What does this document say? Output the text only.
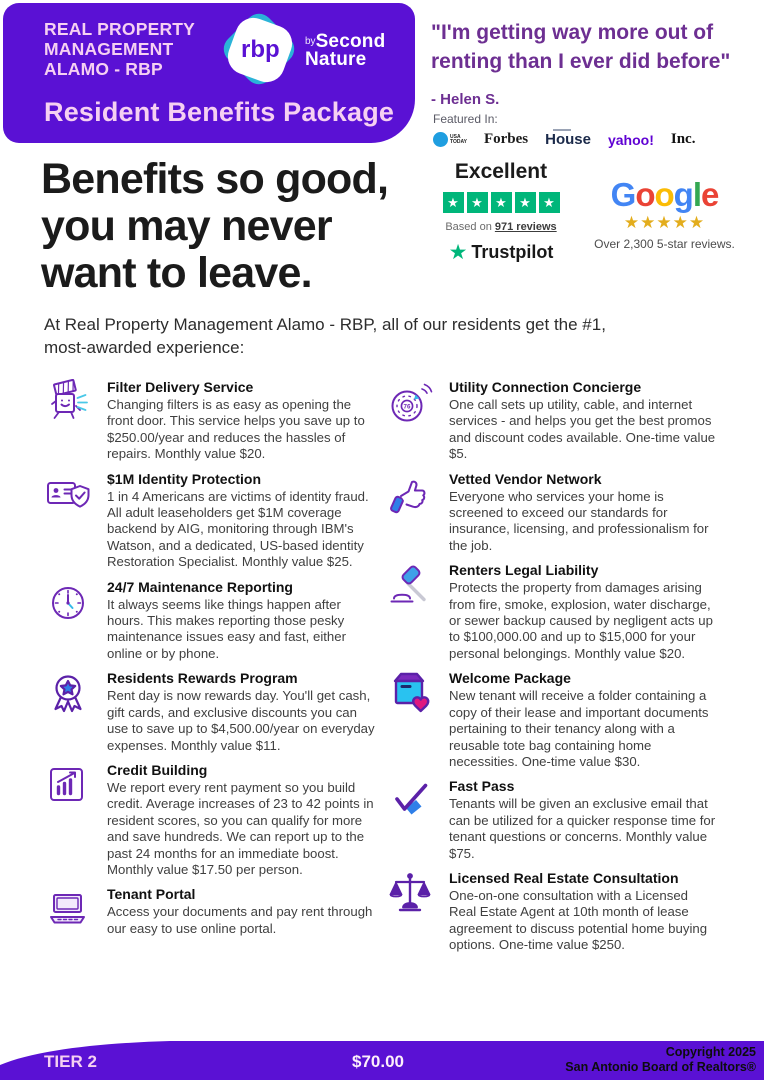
REAL PROPERTY
MANAGEMENT
ALAMO - RBP
rbp	$^{by}$Second
Nature
Resident Benefits Package
"I'm getting way more out of
renting than I ever did before"
- Helen S.
Featured In:
USA
TODAY Forbes House yahoo! Inc.
Excellent
★ ★ ★ ★ ★
Based on 971 reviews
★ Trustpilot
Google
★★★★★
Over 2,300 5-star reviews.
Benefits so good,
you may never
want to leave.
At Real Property Management Alamo - RBP, all of our residents get the #1,
most-awarded experience:
Filter Delivery Service
Changing filters is as easy as opening the front door. This service helps you save up to $250.00/year and reduces the hassles of repairs. Monthly value $20.
$1M Identity Protection
1 in 4 Americans are victims of identity fraud. All adult leaseholders get $1M coverage backend by AIG, monitoring through IBM's Watson, and a dedicated, US-based identity Restoration Specialist. Monthly value $25.
24/7 Maintenance Reporting
It always seems like things happen after hours. This makes reporting those pesky maintenance issues easy and fast, either online or by phone.
Residents Rewards Program
Rent day is now rewards day. You'll get cash, gift cards, and exclusive discounts you can use to save up to $4,500.00/year on everyday expenses. Monthly value $11.
Credit Building
We report every rent payment so you build credit. Average increases of 23 to 42 points in resident scores, so you can qualify for more and save hundreds. We can report up to the past 24 months for an immediate boost. Monthly value $17.50 per person.
Tenant Portal
Access your documents and pay rent through our easy to use online portal.
76
Utility Connection Concierge
One call sets up utility, cable, and internet services - and helps you get the best promos and discount codes available. One-time value $5.
Vetted Vendor Network
Everyone who services your home is screened to exceed our standards for insurance, licensing, and professionalism for the job.
Renters Legal Liability
Protects the property from damages arising from fire, smoke, explosion, water discharge, or sewer backup caused by negligent acts up to $100,000.00 and up to $15,000 for your personal belongings. Monthly value $20.
Welcome Package
New tenant will receive a folder containing a copy of their lease and important documents pertaining to their tenancy along with a reusable tote bag containing home necessities. One-time value $30.
Fast Pass
Tenants will be given an exclusive email that can be utilized for a quicker response time for tenant questions or concerns. Monthly value $75.
Licensed Real Estate Consultation
One-on-one consultation with a Licensed Real Estate Agent at 10th month of lease agreement to discuss potential home buying options. One-time value $250.
TIER 2	$70.00	Copyright 2025
San Antonio Board of Realtors®
